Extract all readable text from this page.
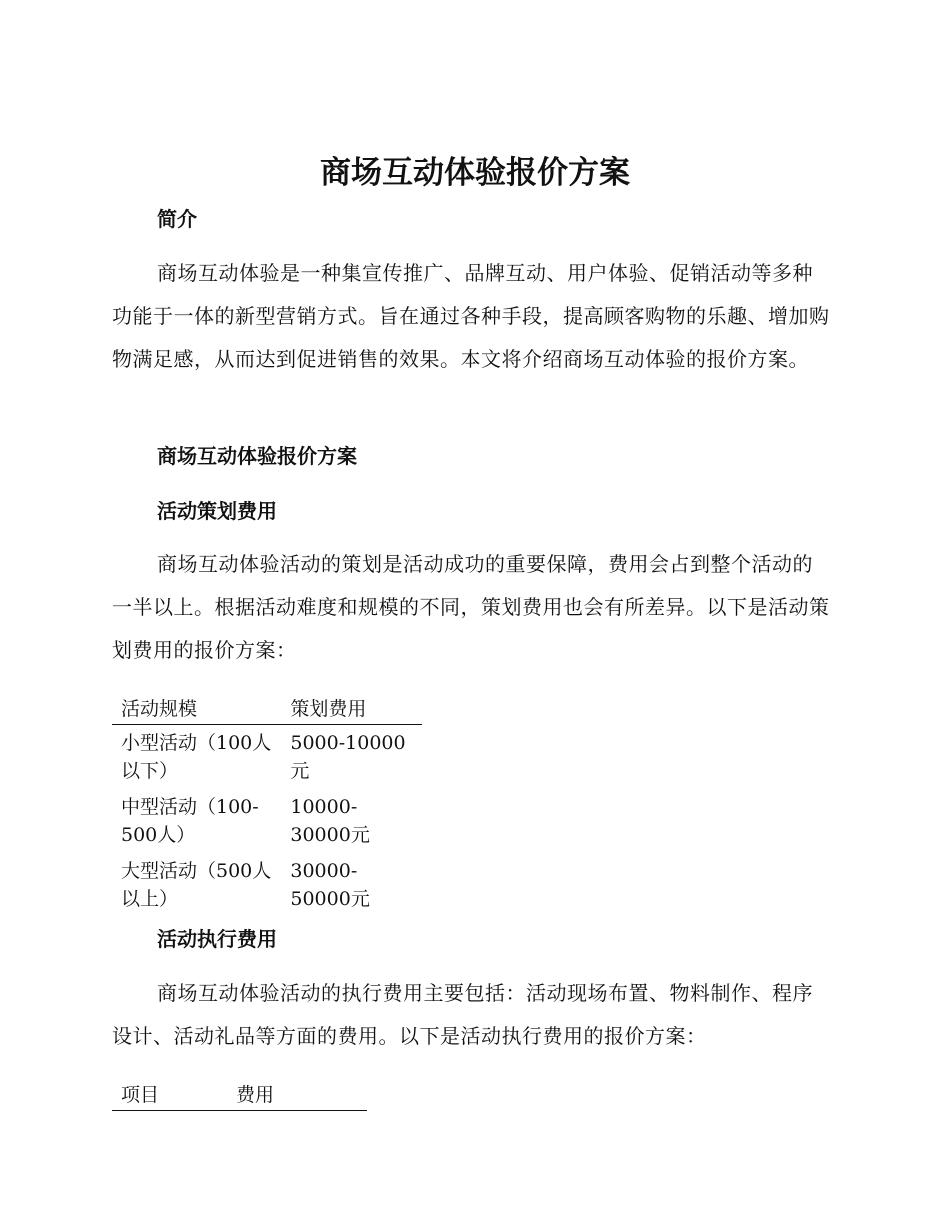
商场互动体验报价方案
简介

商场互动体验是一种集宣传推广、品牌互动、用户体验、促销活动等多种功能于一体的新型营销方式。旨在通过各种手段，提高顾客购物的乐趣、增加购物满足感，从而达到促进销售的效果。本文将介绍商场互动体验的报价方案。

商场互动体验报价方案
活动策划费用

商场互动体验活动的策划是活动成功的重要保障，费用会占到整个活动的一半以上。根据活动难度和规模的不同，策划费用也会有所差异。以下是活动策划费用的报价方案：

活动规模	策划费用
小型活动（100人以下）	5000-10000元
中型活动（100-500人）	10000-30000元
大型活动（500人以上）	30000-50000元
活动执行费用

商场互动体验活动的执行费用主要包括：活动现场布置、物料制作、程序设计、活动礼品等方面的费用。以下是活动执行费用的报价方案：

项目	费用
